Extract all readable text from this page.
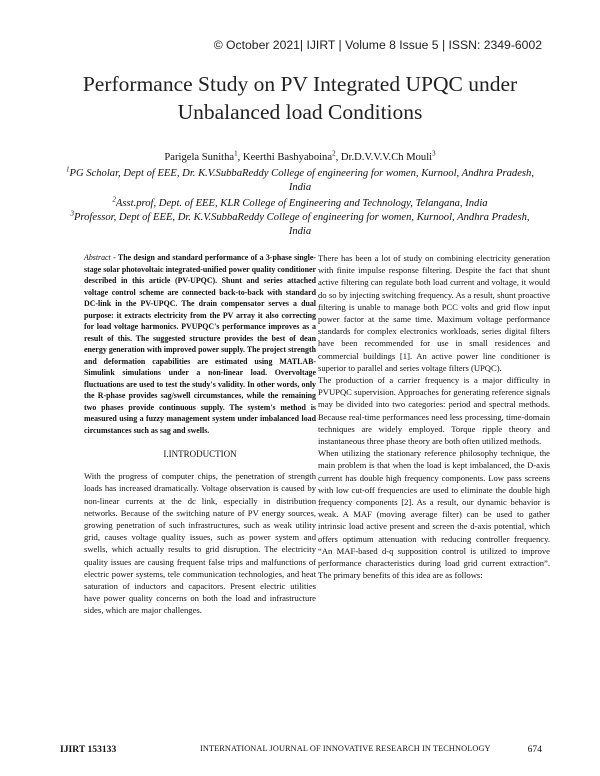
© October 2021| IJIRT | Volume 8 Issue 5 | ISSN: 2349-6002
Performance Study on PV Integrated UPQC under
Unbalanced load Conditions
Parigela Sunitha$^1$, Keerthi Bashyaboina$^2$, Dr.D.V.V.V.Ch Mouli$^3$
$^1$PG Scholar, Dept of EEE, Dr. K.V.SubbaReddy College of engineering for women, Kurnool, Andhra Pradesh, India
$^2$Asst.prof, Dept. of EEE, KLR College of Engineering and Technology, Telangana, India
$^3$Professor, Dept of EEE, Dr. K.V.SubbaReddy College of engineering for women, Kurnool, Andhra Pradesh, India

Abstract - The design and standard performance of a 3-phase single-stage solar photovoltaic integrated-unified power quality conditioner described in this article (PV-UPQC). Shunt and series attached voltage control scheme are connected back-to-back with standard DC-link in the PV-UPQC. The drain compensator serves a dual purpose: it extracts electricity from the PV array it also correcting for load voltage harmonics. PVUPQC's performance improves as a result of this. The suggested structure provides the best of dean energy generation with improved power supply. The project strength and deformation capabilities are estimated using MATLAB-Simulink simulations under a non-linear load. Overvoltage fluctuations are used to test the study's validity. In other words, only the R-phase provides sag/swell circumstances, while the remaining two phases provide continuous supply. The system's method is measured using a fuzzy management system under imbalanced load circumstances such as sag and swells.

I.INTRODUCTION

With the progress of computer chips, the penetration of strength loads has increased dramatically. Voltage observation is caused by non-linear currents at the dc link, especially in distribution networks. Because of the switching nature of PV energy sources, growing penetration of such infrastructures, such as weak utility grid, causes voltage quality issues, such as power system and swells, which actually results to grid disruption. The electricity quality issues are causing frequent false trips and malfunctions of electric power systems, tele communication technologies, and heat saturation of inductors and capacitors. Present electric utilities have power quality concerns on both the load and infrastructure sides, which are major challenges.

There has been a lot of study on combining electricity generation with finite impulse response filtering. Despite the fact that shunt active filtering can regulate both load current and voltage, it would do so by injecting switching frequency. As a result, shunt proactive filtering is unable to manage both PCC volts and grid flow input power factor at the same time. Maximum voltage performance standards for complex electronics workloads, series digital filters have been recommended for use in small residences and commercial buildings [1]. An active power line conditioner is superior to parallel and series voltage filters (UPQC).

The production of a carrier frequency is a major difficulty in PVUPQC supervision. Approaches for generating reference signals may be divided into two categories: period and spectral methods. Because real-time performances need less processing, time-domain techniques are widely employed. Torque ripple theory and instantaneous three phase theory are both often utilized methods.

When utilizing the stationary reference philosophy technique, the main problem is that when the load is kept imbalanced, the D-axis current has double high frequency components. Low pass screens with low cut-off frequencies are used to eliminate the double high frequency components [2]. As a result, our dynamic behavior is weak. A MAF (moving average filter) can be used to gather intrinsic load active present and screen the d-axis potential, which offers optimum attenuation with reducing controller frequency. “An MAF-based d-q supposition control is utilized to improve performance characteristics during load grid current extraction”. The primary benefits of this idea are as follows:

IJIRT 153133	INTERNATIONAL JOURNAL OF INNOVATIVE RESEARCH IN TECHNOLOGY	674
